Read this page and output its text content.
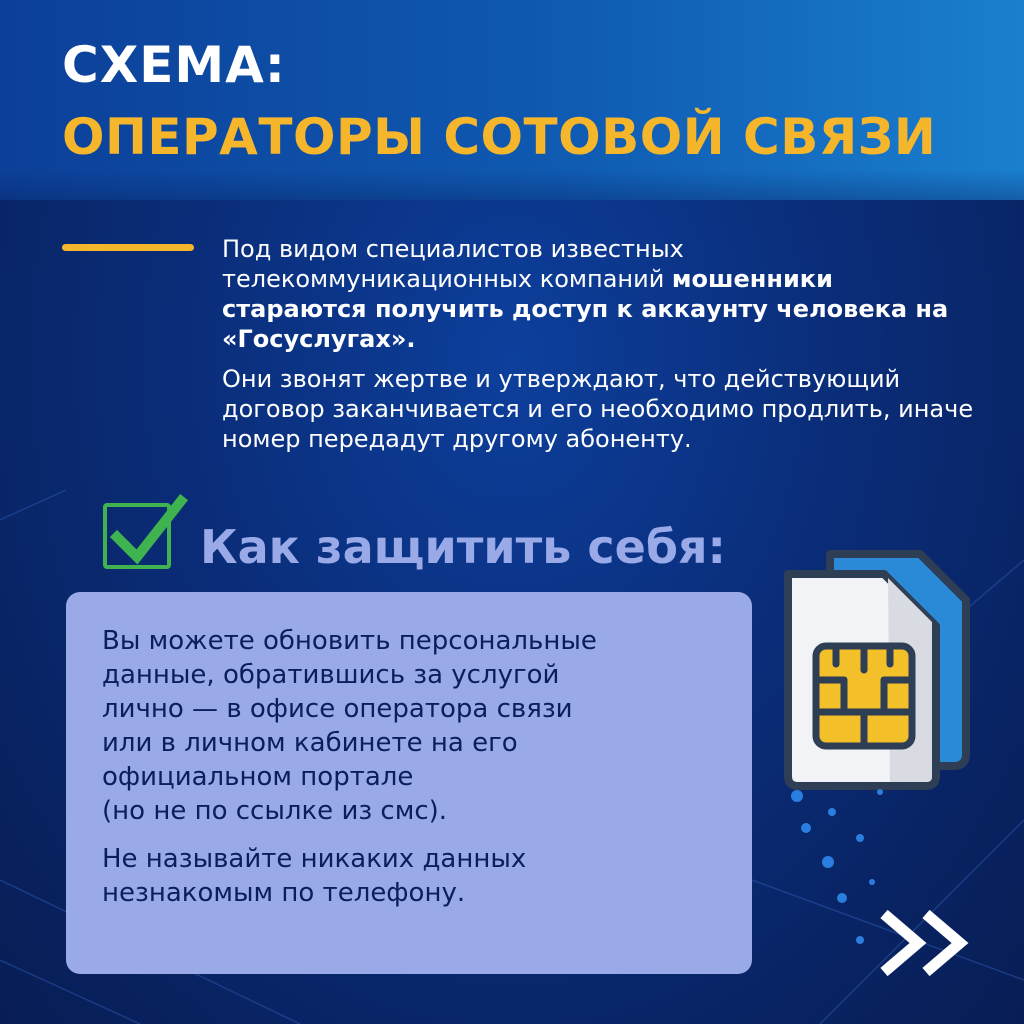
СХЕМА:
ОПЕРАТОРЫ СОТОВОЙ СВЯЗИ

Под видом специалистов известных телекоммуникационных компаний мошенники стараются получить доступ к аккаунту человека на «Госуслугах».

Они звонят жертве и утверждают, что действующий договор заканчивается и его необходимо продлить, иначе номер передадут другому абоненту.

Как защитить себя:

Вы можете обновить персональные
данные, обратившись за услугой
лично — в офисе оператора связи
или в личном кабинете на его
официальном портале
(но не по ссылке из смс).

Не называйте никаких данных
незнакомым по телефону.
